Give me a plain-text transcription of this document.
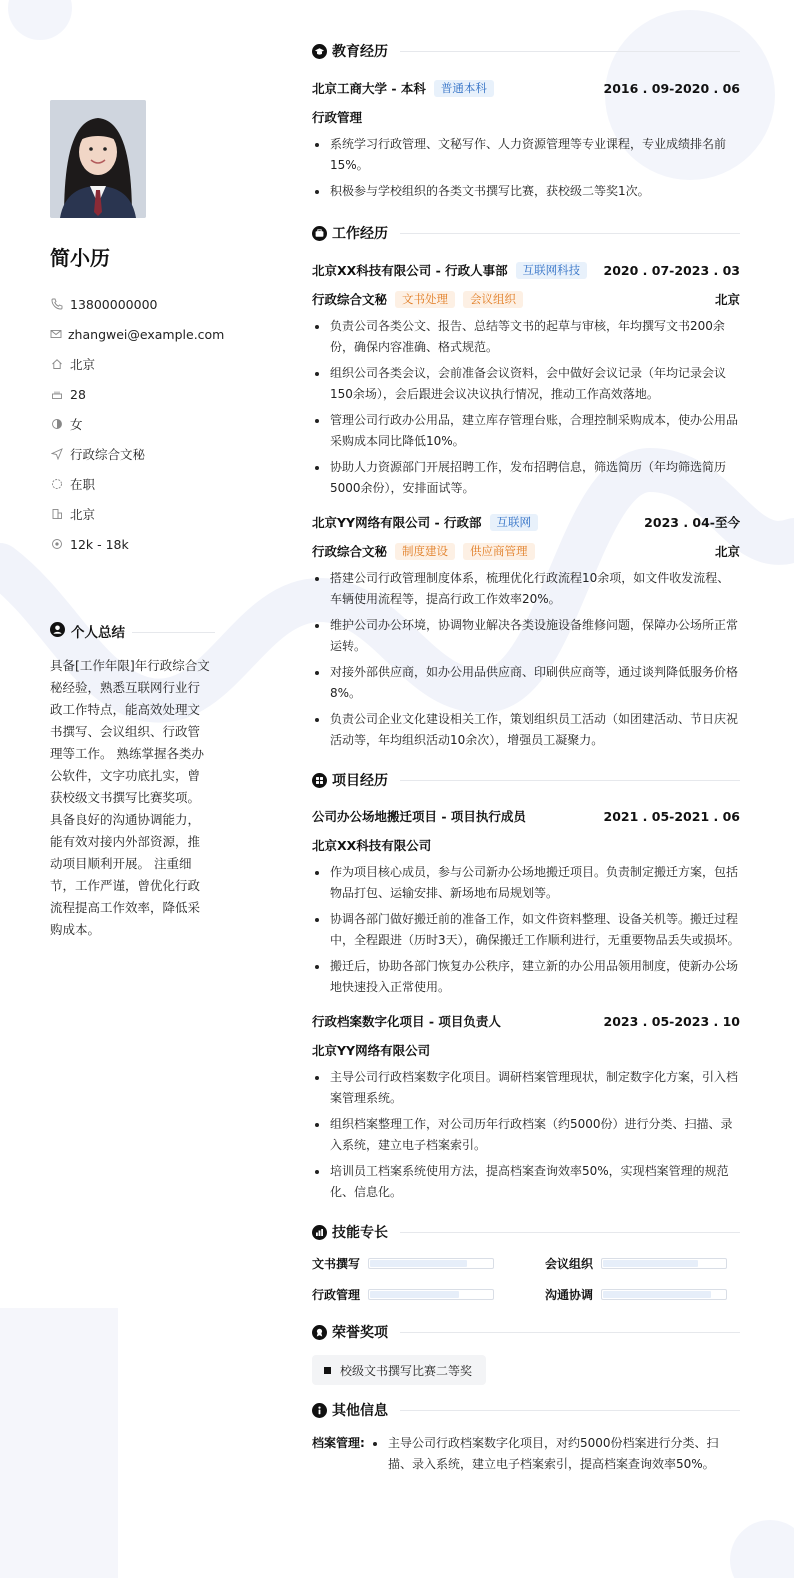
简小历
13800000000
zhangwei@example.com
北京
28
女
行政综合文秘
在职
北京
12k - 18k
个人总结
具备[工作年限]年行政综合文秘经验，熟悉互联网行业行政工作特点，能高效处理文书撰写、会议组织、行政管理等工作。 熟练掌握各类办公软件，文字功底扎实，曾获校级文书撰写比赛奖项。 具备良好的沟通协调能力，能有效对接内外部资源，推动项目顺利开展。 注重细节，工作严谨，曾优化行政流程提高工作效率，降低采购成本。
教育经历
北京工商大学 - 本科	普通本科	2016 . 09-2020 . 06
行政管理
系统学习行政管理、文秘写作、人力资源管理等专业课程，专业成绩排名前15%。
积极参与学校组织的各类文书撰写比赛，获校级二等奖1次。
工作经历
北京XX科技有限公司 - 行政人事部	互联网科技	2020 . 07-2023 . 03
行政综合文秘	文书处理	会议组织	北京
负责公司各类公文、报告、总结等文书的起草与审核，年均撰写文书200余份，确保内容准确、格式规范。
组织公司各类会议，会前准备会议资料，会中做好会议记录（年均记录会议150余场），会后跟进会议决议执行情况，推动工作高效落地。
管理公司行政办公用品，建立库存管理台账，合理控制采购成本，使办公用品采购成本同比降低10%。
协助人力资源部门开展招聘工作，发布招聘信息，筛选简历（年均筛选简历5000余份），安排面试等。
北京YY网络有限公司 - 行政部	互联网	2023 . 04-至今
行政综合文秘	制度建设	供应商管理	北京
搭建公司行政管理制度体系，梳理优化行政流程10余项，如文件收发流程、车辆使用流程等，提高行政工作效率20%。
维护公司办公环境，协调物业解决各类设施设备维修问题，保障办公场所正常运转。
对接外部供应商，如办公用品供应商、印刷供应商等，通过谈判降低服务价格8%。
负责公司企业文化建设相关工作，策划组织员工活动（如团建活动、节日庆祝活动等，年均组织活动10余次），增强员工凝聚力。
项目经历
公司办公场地搬迁项目 - 项目执行成员	2021 . 05-2021 . 06
北京XX科技有限公司
作为项目核心成员，参与公司新办公场地搬迁项目。负责制定搬迁方案，包括物品打包、运输安排、新场地布局规划等。
协调各部门做好搬迁前的准备工作，如文件资料整理、设备关机等。搬迁过程中，全程跟进（历时3天），确保搬迁工作顺利进行，无重要物品丢失或损坏。
搬迁后，协助各部门恢复办公秩序，建立新的办公用品领用制度，使新办公场地快速投入正常使用。
行政档案数字化项目 - 项目负责人	2023 . 05-2023 . 10
北京YY网络有限公司
主导公司行政档案数字化项目。调研档案管理现状，制定数字化方案，引入档案管理系统。
组织档案整理工作，对公司历年行政档案（约5000份）进行分类、扫描、录入系统，建立电子档案索引。
培训员工档案系统使用方法，提高档案查询效率50%，实现档案管理的规范化、信息化。
技能专长
文书撰写	会议组织
行政管理	沟通协调
荣誉奖项
校级文书撰写比赛二等奖
其他信息
档案管理:	主导公司行政档案数字化项目，对约5000份档案进行分类、扫描、录入系统，建立电子档案索引，提高档案查询效率50%。
